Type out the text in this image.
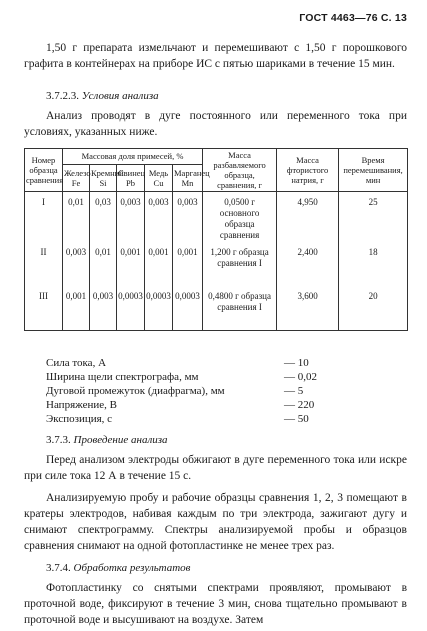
ГОСТ 4463—76 С. 13
1,50 г препарата измельчают и перемешивают с 1,50 г порошкового графита в контейнерах на приборе ИС с пятью шариками в течение 15 мин.
3.7.2.3. Условия анализа
Анализ проводят в дуге постоянного или переменного тока при условиях, указанных ниже.
Номер образца сравнения	Массовая доля примесей, %					Масса разбавляемого образца, сравнения, г	Масса фтористого натрия, г	Время перемешивания, мин
	Железо Fe	Кремний Si	Свинец Pb	Медь Cu	Марганец Mn			
I	0,01	0,03	0,003	0,003	0,003	0,0500 г основного образца сравнения	4,950	25
II	0,003	0,01	0,001	0,001	0,001	1,200 г образца сравнения I	2,400	18
III	0,001	0,003	0,0003	0,0003	0,0003	0,4800 г образца сравнения I	3,600	20
Сила тока, А	— 10
Ширина щели спектрографа, мм	— 0,02
Дуговой промежуток (диафрагма), мм	— 5
Напряжение, В	— 220
Экспозиция, с	— 50
3.7.3. Проведение анализа
Перед анализом электроды обжигают в дуге переменного тока или искре при силе тока 12 А в течение 15 с.
Анализируемую пробу и рабочие образцы сравнения 1, 2, 3 помещают в кратеры электродов, набивая каждым по три электрода, зажигают дугу и снимают спектрограмму. Спектры анализируемой пробы и образцов сравнения снимают на одной фотопластинке не менее трех раз.
3.7.4. Обработка результатов
Фотопластинку со снятыми спектрами проявляют, промывают в проточной воде, фиксируют в течение 3 мин, снова тщательно промывают в проточной воде и высушивают на воздухе. Затем
